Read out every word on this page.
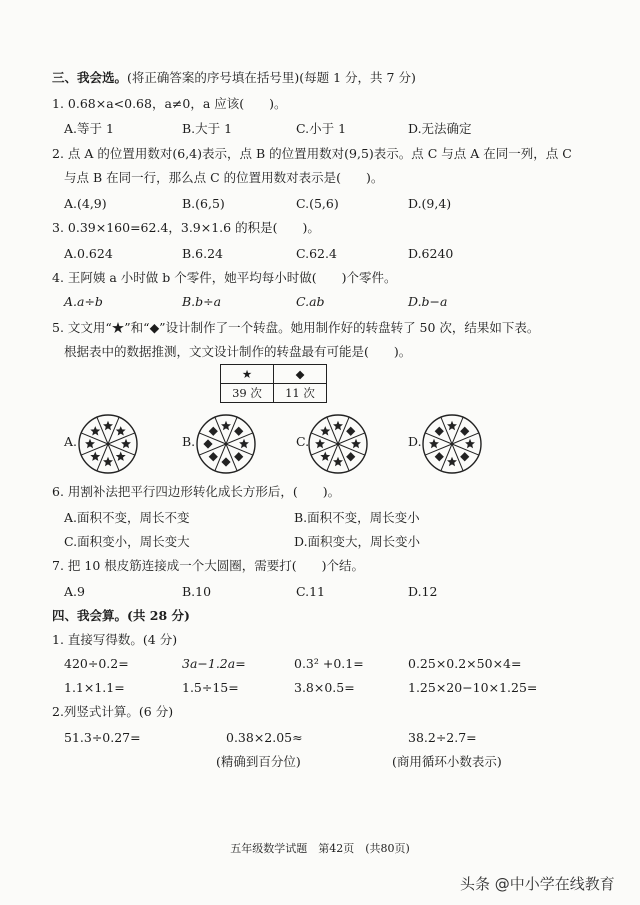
三、我会选。(将正确答案的序号填在括号里)(每题 1 分，共 7 分)
1. 0.68×a<0.68，a≠0，a 应该(　　)。
A.等于 1	B.大于 1	C.小于 1	D.无法确定
2. 点 A 的位置用数对(6,4)表示，点 B 的位置用数对(9,5)表示。点 C 与点 A 在同一列，点 C
与点 B 在同一行，那么点 C 的位置用数对表示是(　　)。
A.(4,9)	B.(6,5)	C.(5,6)	D.(9,4)
3. 0.39×160=62.4，3.9×1.6 的积是(　　)。
A.0.624	B.6.24	C.62.4	D.6240
4. 王阿姨 a 小时做 b 个零件，她平均每小时做(　　)个零件。
A.a÷b	B.b÷a	C.ab	D.b−a
5. 文文用“★”和“◆”设计制作了一个转盘。她用制作好的转盘转了 50 次，结果如下表。
根据表中的数据推测，文文设计制作的转盘最有可能是(　　)。
★	◆
39 次	11 次
A.	B.	C.	D.
6. 用割补法把平行四边形转化成长方形后，(　　)。
A.面积不变，周长不变	B.面积不变，周长变小
C.面积变小，周长变大	D.面积变大，周长变小
7. 把 10 根皮筋连接成一个大圆圈，需要打(　　)个结。
A.9	B.10	C.11	D.12
四、我会算。(共 28 分)
1. 直接写得数。(4 分)
420÷0.2=	3a−1.2a=	0.3² +0.1=	0.25×0.2×50×4=
1.1×1.1=	1.5÷15=	3.8×0.5=	1.25×20−10×1.25=
2.列竖式计算。(6 分)
51.3÷0.27=	0.38×2.05≈	38.2÷2.7=
(精确到百分位)	(商用循环小数表示)
五年级数学试题　第42页　(共80页)
头条 @中小学在线教育
